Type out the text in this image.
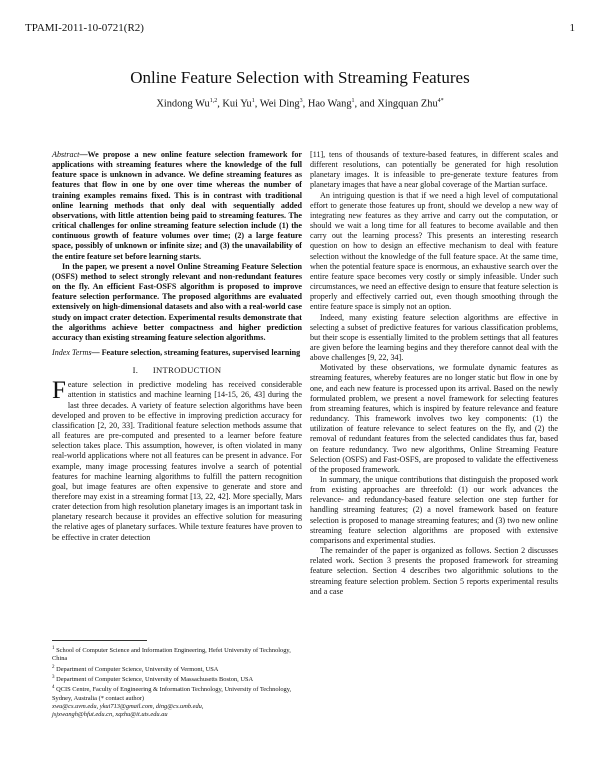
TPAMI-2011-10-0721(R2)	1
Online Feature Selection with Streaming Features
Xindong Wu$^{1,2}$, Kui Yu$^1$, Wei Ding$^3$, Hao Wang$^1$, and Xingquan Zhu$^{4*}$

Abstract—We propose a new online feature selection framework for applications with streaming features where the knowledge of the full feature space is unknown in advance. We define streaming features as features that flow in one by one over time whereas the number of training examples remains fixed. This is in contrast with traditional online learning methods that only deal with sequentially added observations, with little attention being paid to streaming features. The critical challenges for online streaming feature selection include (1) the continuous growth of feature volumes over time; (2) a large feature space, possibly of unknown or infinite size; and (3) the unavailability of the entire feature set before learning starts.

In the paper, we present a novel Online Streaming Feature Selection (OSFS) method to select strongly relevant and non-redundant features on the fly. An efficient Fast-OSFS algorithm is proposed to improve feature selection performance. The proposed algorithms are evaluated extensively on high-dimensional datasets and also with a real-world case study on impact crater detection. Experimental results demonstrate that the algorithms achieve better compactness and higher prediction accuracy than existing streaming feature selection algorithms.

Index Terms— Feature selection, streaming features, supervised learning

I. INTRODUCTION

Feature selection in predictive modeling has received considerable attention in statistics and machine learning [14-15, 26, 43] during the last three decades. A variety of feature selection algorithms have been developed and proven to be effective in improving prediction accuracy for classification [2, 20, 33]. Traditional feature selection methods assume that all features are pre-computed and presented to a learner before feature selection takes place. This assumption, however, is often violated in many real-world applications where not all features can be present in advance. For example, many image processing features involve a search of potential features for machine learning algorithms to fulfill the pattern recognition goal, but image features are often expensive to generate and store and therefore may exist in a streaming format [13, 22, 42]. More specially, Mars crater detection from high resolution planetary images is an important task in planetary research because it provides an effective solution for measuring the relative ages of planetary surfaces. While texture features have proven to be effective in crater detection

$^1$ School of Computer Science and Information Engineering, Hefei University of Technology, China

$^2$ Department of Computer Science, University of Vermont, USA

$^3$ Department of Computer Science, University of Massachusetts Boston, USA

$^4$ QCIS Centre, Faculty of Engineering & Information Technology, University of Technology, Sydney, Australia (* contact author)

xwu@cs.uvm.edu, ykui713@gmail.com, ding@cs.umb.edu,

jsjxwangh@hfut.edu.cn, xqzhu@it.uts.edu.au

[11], tens of thousands of texture-based features, in different scales and different resolutions, can potentially be generated for high resolution planetary images. It is infeasible to pre-generate texture features from planetary images that have a near global coverage of the Martian surface.

An intriguing question is that if we need a high level of computational effort to generate those features up front, should we develop a new way of integrating new features as they arrive and carry out the computation, or should we wait a long time for all features to become available and then carry out the learning process? This presents an interesting research question on how to design an effective mechanism to deal with feature selection without the knowledge of the full feature space. At the same time, when the potential feature space is enormous, an exhaustive search over the entire feature space becomes very costly or simply infeasible. Under such circumstances, we need an effective design to ensure that feature selection is properly and effectively carried out, even though smoothing through the entire feature space is simply not an option.

Indeed, many existing feature selection algorithms are effective in selecting a subset of predictive features for various classification problems, but their scope is essentially limited to the problem settings that all features are given before the learning begins and they therefore cannot deal with the above challenges [9, 22, 34].

Motivated by these observations, we formulate dynamic features as streaming features, whereby features are no longer static but flow in one by one, and each new feature is processed upon its arrival. Based on the newly formulated problem, we present a novel framework for selecting features from streaming features, which is inspired by feature relevance and feature redundancy. This framework involves two key components: (1) the utilization of feature relevance to select features on the fly, and (2) the removal of redundant features from the selected candidates thus far, based on feature redundancy. Two new algorithms, Online Streaming Feature Selection (OSFS) and Fast-OSFS, are proposed to validate the effectiveness of the proposed framework.

In summary, the unique contributions that distinguish the proposed work from existing approaches are threefold: (1) our work advances the relevance- and redundancy-based feature selection one step further for handling streaming features; (2) a novel framework based on feature selection is proposed to manage streaming features; and (3) two new online streaming feature selection algorithms are proposed with extensive comparisons and experimental studies.

The remainder of the paper is organized as follows. Section 2 discusses related work. Section 3 presents the proposed framework for streaming feature selection. Section 4 describes two algorithmic solutions to the streaming feature selection problem. Section 5 reports experimental results and a case
